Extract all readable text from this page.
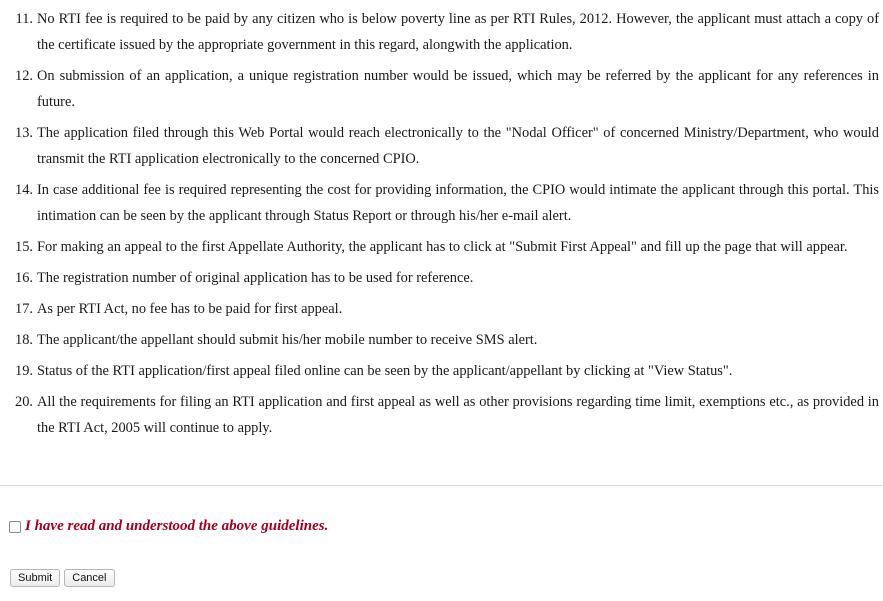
11. No RTI fee is required to be paid by any citizen who is below poverty line as per RTI Rules, 2012. However, the applicant must attach a copy of the certificate issued by the appropriate government in this regard, alongwith the application.
12. On submission of an application, a unique registration number would be issued, which may be referred by the applicant for any references in future.
13. The application filed through this Web Portal would reach electronically to the "Nodal Officer" of concerned Ministry/Department, who would transmit the RTI application electronically to the concerned CPIO.
14. In case additional fee is required representing the cost for providing information, the CPIO would intimate the applicant through this portal. This intimation can be seen by the applicant through Status Report or through his/her e-mail alert.
15. For making an appeal to the first Appellate Authority, the applicant has to click at "Submit First Appeal" and fill up the page that will appear.
16. The registration number of original application has to be used for reference.
17. As per RTI Act, no fee has to be paid for first appeal.
18. The applicant/the appellant should submit his/her mobile number to receive SMS alert.
19. Status of the RTI application/first appeal filed online can be seen by the applicant/appellant by clicking at "View Status".
20. All the requirements for filing an RTI application and first appeal as well as other provisions regarding time limit, exemptions etc., as provided in the RTI Act, 2005 will continue to apply.
I have read and understood the above guidelines.
Submit	Cancel
